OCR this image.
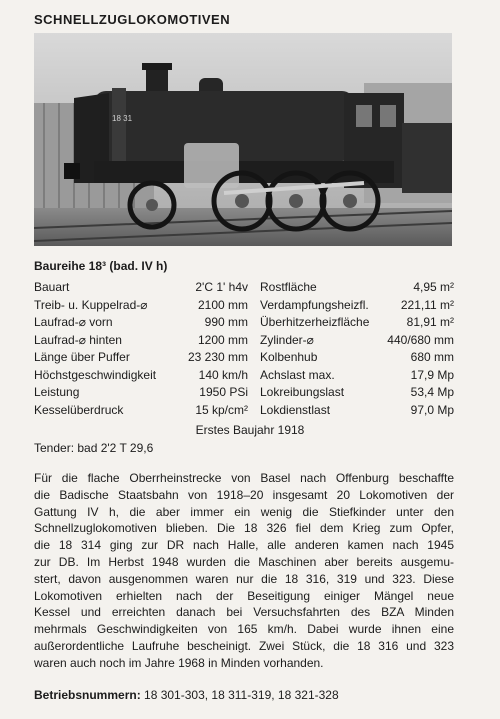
SCHNELLZUGLOKOMOTIVEN
18 31
Baureihe 18³ (bad. IV h)
Bauart	2'C 1' h4v		Rostfläche	4,95 m²
Treib- u. Kuppelrad-⌀	2100 mm		Verdampfungsheizfl.	221,11 m²
Laufrad-⌀ vorn	990 mm		Überhitzerheizfläche	81,91 m²
Laufrad-⌀ hinten	1200 mm		Zylinder-⌀	440/680 mm
Länge über Puffer	23 230 mm		Kolbenhub	680 mm
Höchstgeschwindigkeit	140 km/h		Achslast max.	17,9 Mp
Leistung	1950 PSi		Lokreibungslast	53,4 Mp
Kesselüberdruck	15 kp/cm²		Lokdienstlast	97,0 Mp
Erstes Baujahr 1918
Tender: bad 2'2 T 29,6
Für die flache Oberrheinstrecke von Basel nach Offenburg beschaffte
die Badische Staatsbahn von 1918–20 insgesamt 20 Lokomotiven der
Gattung IV h, die aber immer ein wenig die Stiefkinder unter den
Schnellzuglokomotiven blieben. Die 18 326 fiel dem Krieg zum Opfer,
die 18 314 ging zur DR nach Halle, alle anderen kamen nach 1945
zur DB. Im Herbst 1948 wurden die Maschinen aber bereits ausgemu-
stert, davon ausgenommen waren nur die 18 316, 319 und 323. Diese
Lokomotiven erhielten nach der Beseitigung einiger Mängel neue
Kessel und erreichten danach bei Versuchsfahrten des BZA Minden
mehrmals Geschwindigkeiten von 165 km/h. Dabei wurde ihnen eine
außerordentliche Laufruhe bescheinigt. Zwei Stück, die 18 316 und 323
waren auch noch im Jahre 1968 in Minden vorhanden.
Betriebsnummern: 18 301-303, 18 311-319, 18 321-328
